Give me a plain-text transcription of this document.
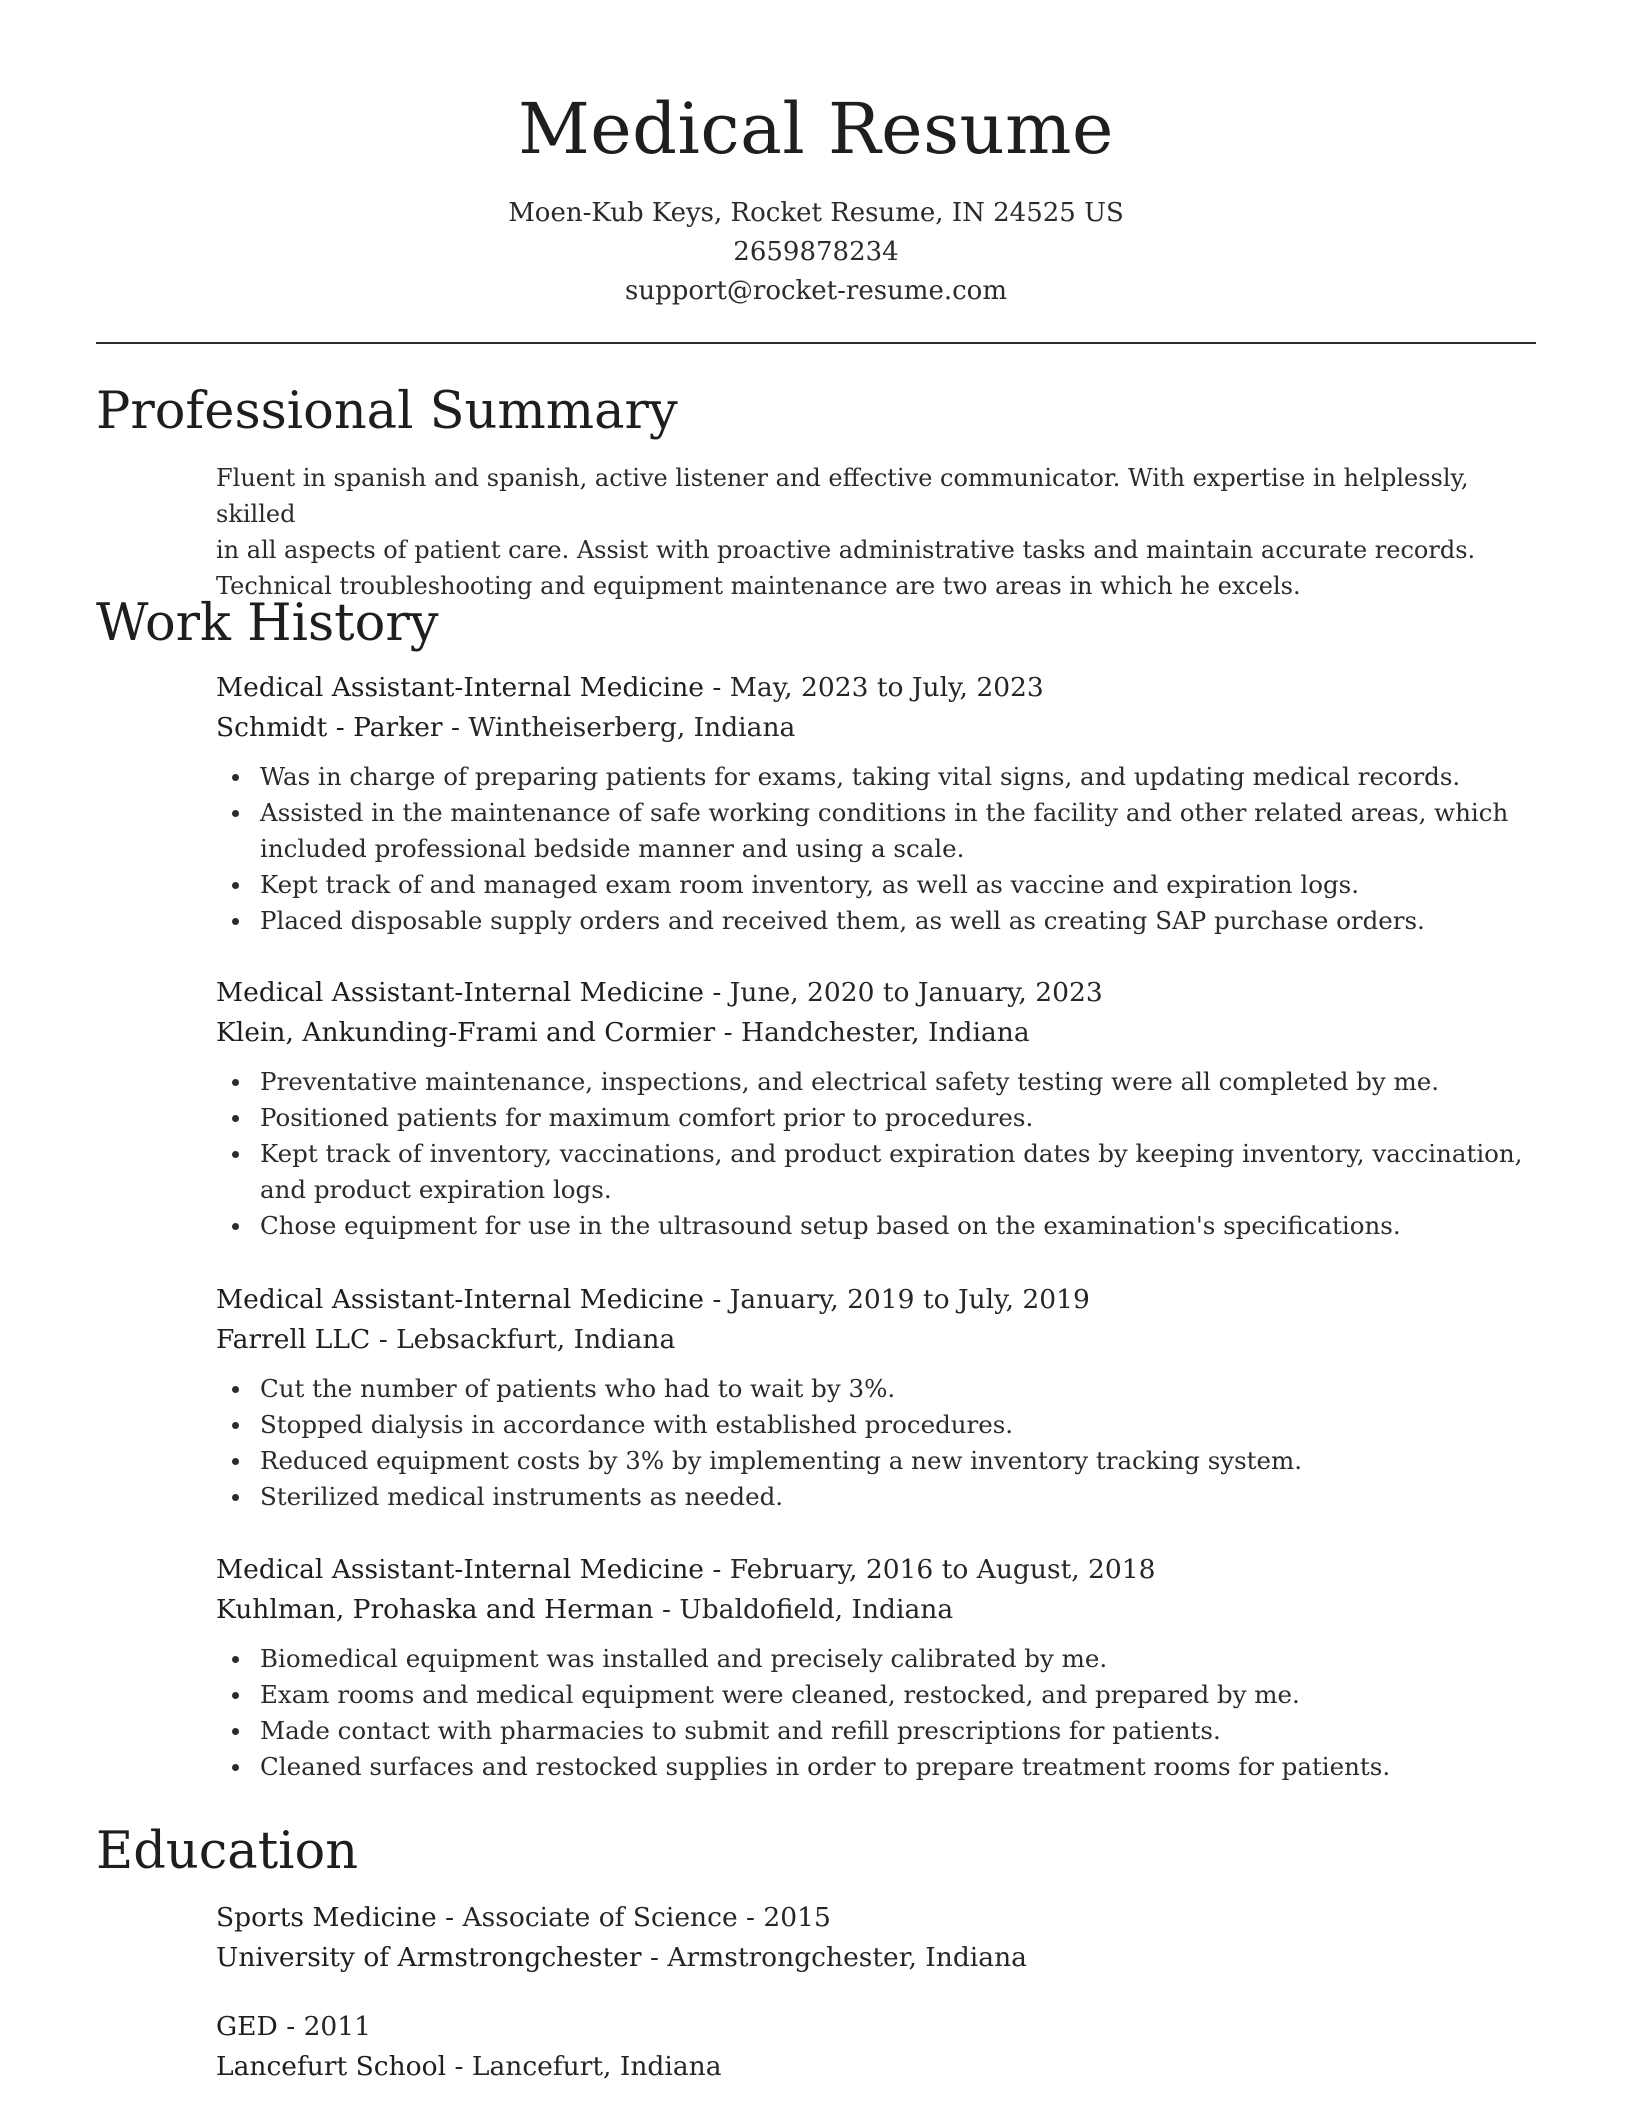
Medical Resume
Moen-Kub Keys, Rocket Resume, IN 24525 US
2659878234
support@rocket-resume.com
Professional Summary
Fluent in spanish and spanish, active listener and effective communicator. With expertise in helplessly, skilled
in all aspects of patient care. Assist with proactive administrative tasks and maintain accurate records.
Technical troubleshooting and equipment maintenance are two areas in which he excels.
Work History
Medical Assistant-Internal Medicine - May, 2023 to July, 2023
Schmidt - Parker - Wintheiserberg, Indiana
Was in charge of preparing patients for exams, taking vital signs, and updating medical records.
Assisted in the maintenance of safe working conditions in the facility and other related areas, which included professional bedside manner and using a scale.
Kept track of and managed exam room inventory, as well as vaccine and expiration logs.
Placed disposable supply orders and received them, as well as creating SAP purchase orders.
Medical Assistant-Internal Medicine - June, 2020 to January, 2023
Klein, Ankunding-Frami and Cormier - Handchester, Indiana
Preventative maintenance, inspections, and electrical safety testing were all completed by me.
Positioned patients for maximum comfort prior to procedures.
Kept track of inventory, vaccinations, and product expiration dates by keeping inventory, vaccination, and product expiration logs.
Chose equipment for use in the ultrasound setup based on the examination's specifications.
Medical Assistant-Internal Medicine - January, 2019 to July, 2019
Farrell LLC - Lebsackfurt, Indiana
Cut the number of patients who had to wait by 3%.
Stopped dialysis in accordance with established procedures.
Reduced equipment costs by 3% by implementing a new inventory tracking system.
Sterilized medical instruments as needed.
Medical Assistant-Internal Medicine - February, 2016 to August, 2018
Kuhlman, Prohaska and Herman - Ubaldofield, Indiana
Biomedical equipment was installed and precisely calibrated by me.
Exam rooms and medical equipment were cleaned, restocked, and prepared by me.
Made contact with pharmacies to submit and refill prescriptions for patients.
Cleaned surfaces and restocked supplies in order to prepare treatment rooms for patients.
Education
Sports Medicine - Associate of Science - 2015
University of Armstrongchester - Armstrongchester, Indiana
GED - 2011
Lancefurt School - Lancefurt, Indiana
